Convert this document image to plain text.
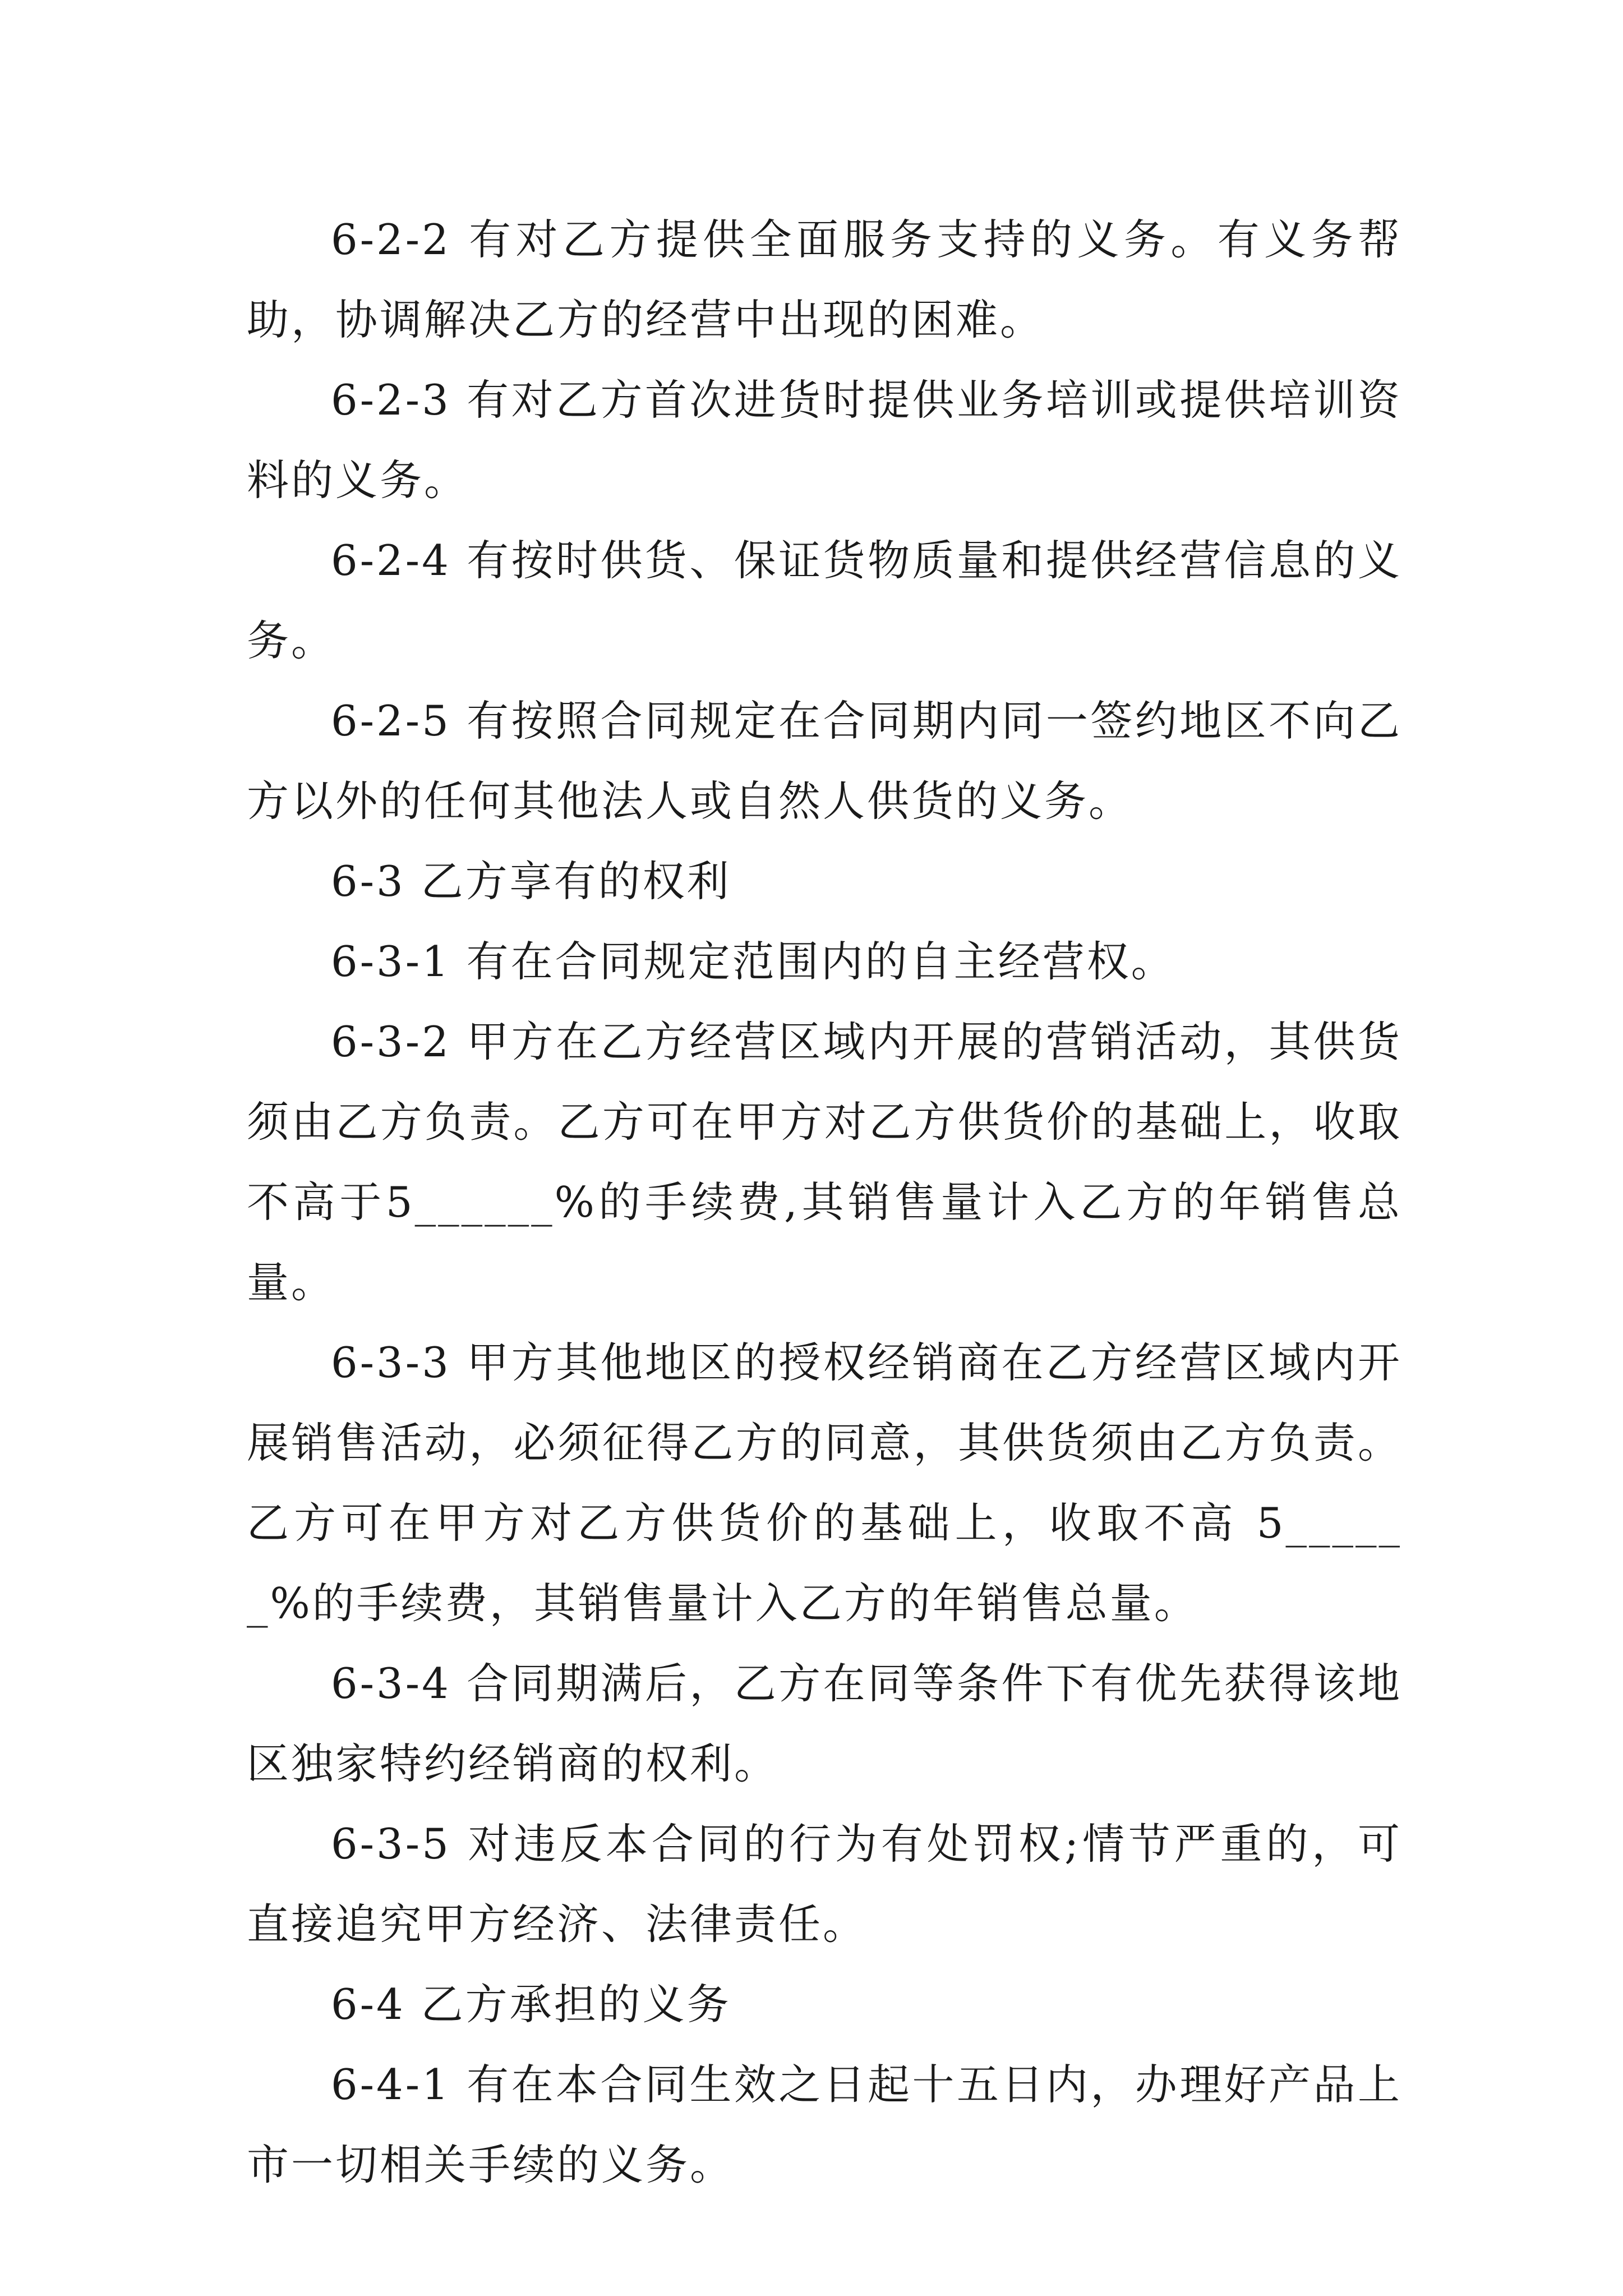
6-2-2 有对乙方提供全面服务支持的义务。有义务帮助，协调解决乙方的经营中出现的困难。

6-2-3 有对乙方首次进货时提供业务培训或提供培训资料的义务。

6-2-4 有按时供货、保证货物质量和提供经营信息的义务。

6-2-5 有按照合同规定在合同期内同一签约地区不向乙方以外的任何其他法人或自然人供货的义务。

6-3 乙方享有的权利

6-3-1 有在合同规定范围内的自主经营权。

6-3-2 甲方在乙方经营区域内开展的营销活动，其供货须由乙方负责。乙方可在甲方对乙方供货价的基础上，收取不高于5______%的手续费,其销售量计入乙方的年销售总量。

6-3-3 甲方其他地区的授权经销商在乙方经营区域内开展销售活动，必须征得乙方的同意，其供货须由乙方负责。乙方可在甲方对乙方供货价的基础上，收取不高 5______%的手续费，其销售量计入乙方的年销售总量。

6-3-4 合同期满后，乙方在同等条件下有优先获得该地区独家特约经销商的权利。

6-3-5 对违反本合同的行为有处罚权;情节严重的，可直接追究甲方经济、法律责任。

6-4 乙方承担的义务

6-4-1 有在本合同生效之日起十五日内，办理好产品上市一切相关手续的义务。
